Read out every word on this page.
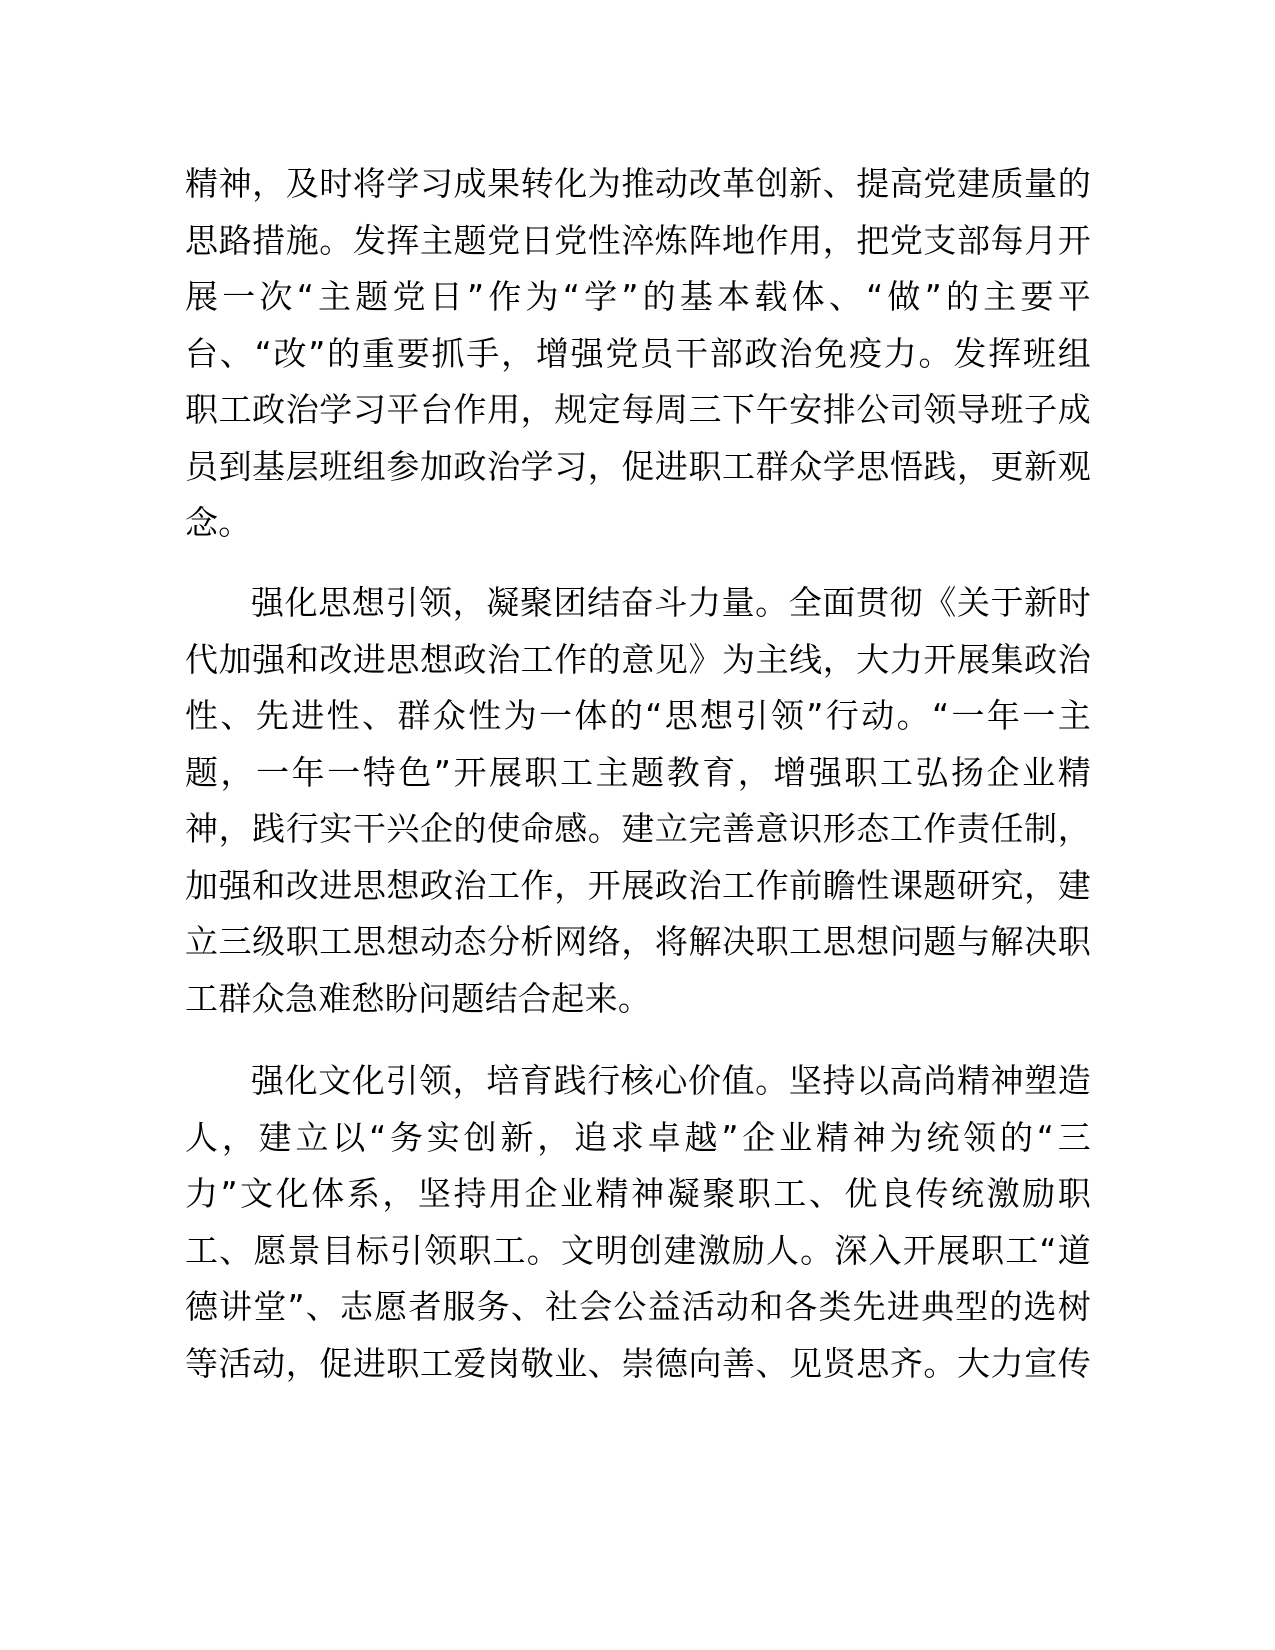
精神，及时将学习成果转化为推动改革创新、提高党建质量的
思路措施。发挥主题党日党性淬炼阵地作用，把党支部每月开
展一次“主题党日”作为“学”的基本载体、“做”的主要平
台、“改”的重要抓手，增强党员干部政治免疫力。发挥班组
职工政治学习平台作用，规定每周三下午安排公司领导班子成
员到基层班组参加政治学习，促进职工群众学思悟践，更新观
念。
强化思想引领，凝聚团结奋斗力量。全面贯彻《关于新时
代加强和改进思想政治工作的意见》为主线，大力开展集政治
性、先进性、群众性为一体的“思想引领”行动。“一年一主
题，一年一特色”开展职工主题教育，增强职工弘扬企业精
神，践行实干兴企的使命感。建立完善意识形态工作责任制，
加强和改进思想政治工作，开展政治工作前瞻性课题研究，建
立三级职工思想动态分析网络，将解决职工思想问题与解决职
工群众急难愁盼问题结合起来。
强化文化引领，培育践行核心价值。坚持以高尚精神塑造
人，建立以“务实创新，追求卓越”企业精神为统领的“三
力”文化体系，坚持用企业精神凝聚职工、优良传统激励职
工、愿景目标引领职工。文明创建激励人。深入开展职工“道
德讲堂”、志愿者服务、社会公益活动和各类先进典型的选树
等活动，促进职工爱岗敬业、崇德向善、见贤思齐。大力宣传
